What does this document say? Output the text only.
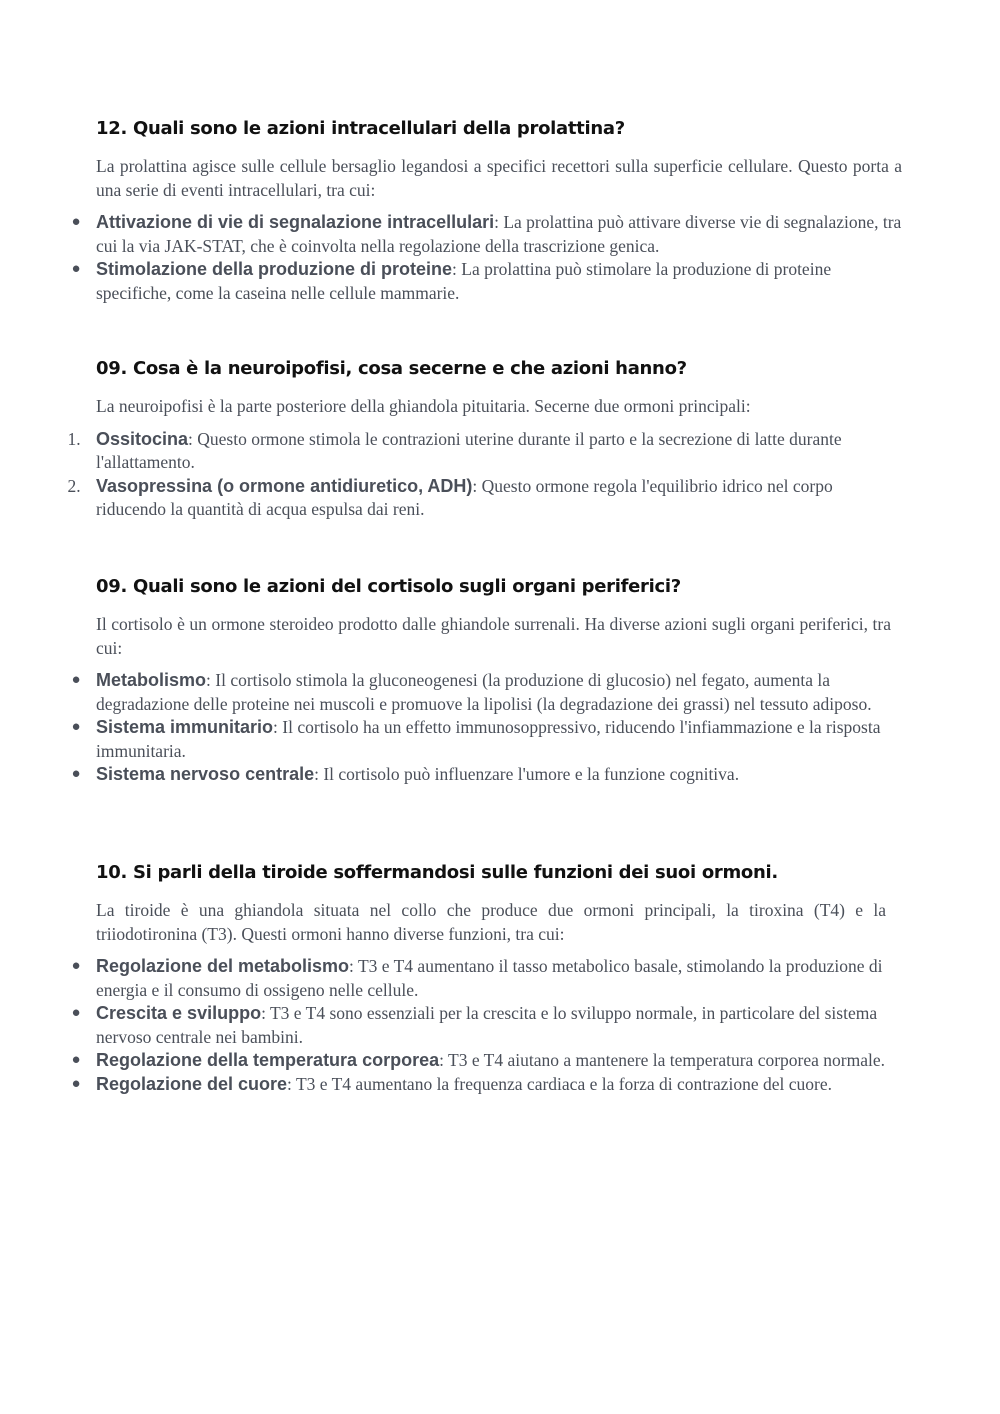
12. Quali sono le azioni intracellulari della prolattina?

La prolattina agisce sulle cellule bersaglio legandosi a specifici recettori sulla superficie cellulare. Questo porta a una serie di eventi intracellulari, tra cui:

● Attivazione di vie di segnalazione intracellulari: La prolattina può attivare diverse vie di segnalazione, tra cui la via JAK-STAT, che è coinvolta nella regolazione della trascrizione genica.
● Stimolazione della produzione di proteine: La prolattina può stimolare la produzione di proteine specifiche, come la caseina nelle cellule mammarie.
09. Cosa è la neuroipofisi, cosa secerne e che azioni hanno?

La neuroipofisi è la parte posteriore della ghiandola pituitaria. Secerne due ormoni principali:

1. Ossitocina: Questo ormone stimola le contrazioni uterine durante il parto e la secrezione di latte durante l'allattamento.
2. Vasopressina (o ormone antidiuretico, ADH): Questo ormone regola l'equilibrio idrico nel corpo riducendo la quantità di acqua espulsa dai reni.
09. Quali sono le azioni del cortisolo sugli organi periferici?

Il cortisolo è un ormone steroideo prodotto dalle ghiandole surrenali. Ha diverse azioni sugli organi periferici, tra cui:

● Metabolismo: Il cortisolo stimola la gluconeogenesi (la produzione di glucosio) nel fegato, aumenta la degradazione delle proteine nei muscoli e promuove la lipolisi (la degradazione dei grassi) nel tessuto adiposo.
● Sistema immunitario: Il cortisolo ha un effetto immunosoppressivo, riducendo l'infiammazione e la risposta immunitaria.
● Sistema nervoso centrale: Il cortisolo può influenzare l'umore e la funzione cognitiva.
10. Si parli della tiroide soffermandosi sulle funzioni dei suoi ormoni.

La tiroide è una ghiandola situata nel collo che produce due ormoni principali, la tiroxina (T4) e la triiodotironina (T3). Questi ormoni hanno diverse funzioni, tra cui:

● Regolazione del metabolismo: T3 e T4 aumentano il tasso metabolico basale, stimolando la produzione di energia e il consumo di ossigeno nelle cellule.
● Crescita e sviluppo: T3 e T4 sono essenziali per la crescita e lo sviluppo normale, in particolare del sistema nervoso centrale nei bambini.
● Regolazione della temperatura corporea: T3 e T4 aiutano a mantenere la temperatura corporea normale.
● Regolazione del cuore: T3 e T4 aumentano la frequenza cardiaca e la forza di contrazione del cuore.
